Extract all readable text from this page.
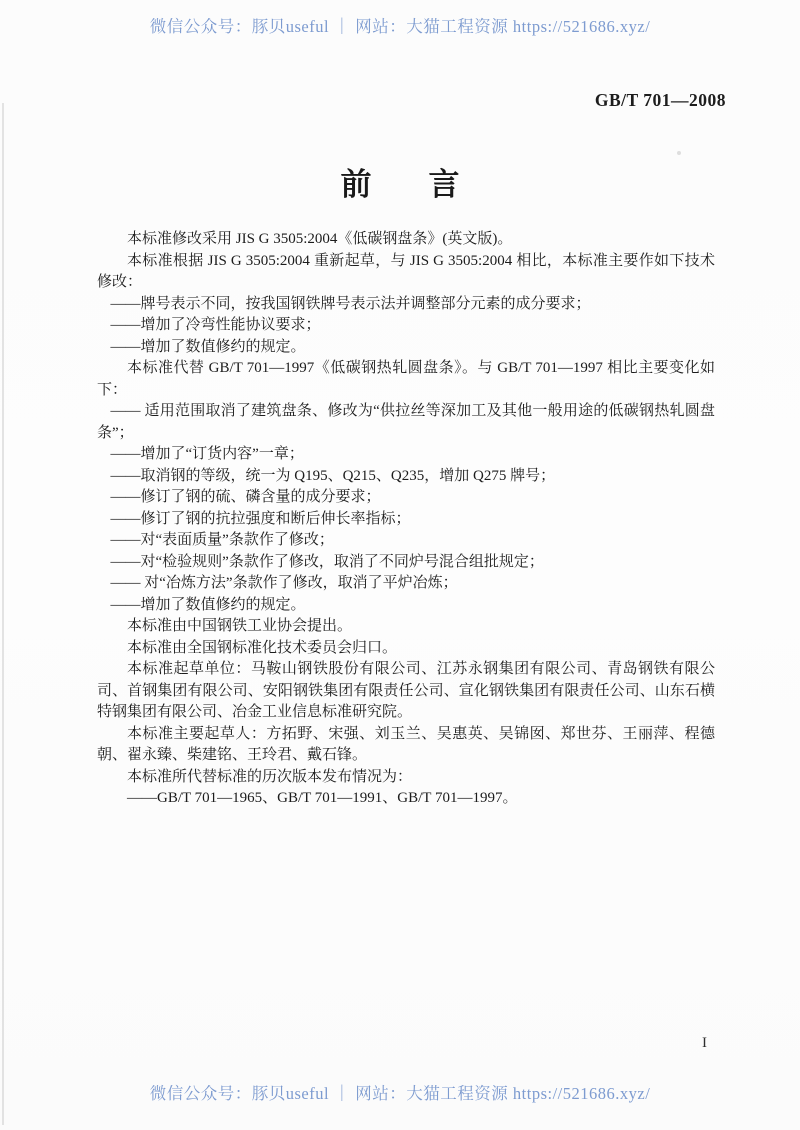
微信公众号：豚贝useful ｜ 网站：大猫工程资源 https://521686.xyz/
GB/T 701—2008
前 言

本标准修改采用 JIS G 3505:2004《低碳钢盘条》(英文版)。

本标准根据 JIS G 3505:2004 重新起草，与 JIS G 3505:2004 相比，本标准主要作如下技术修改：

——牌号表示不同，按我国钢铁牌号表示法并调整部分元素的成分要求；

——增加了冷弯性能协议要求；

——增加了数值修约的规定。

本标准代替 GB/T 701—1997《低碳钢热轧圆盘条》。与 GB/T 701—1997 相比主要变化如下：

—— 适用范围取消了建筑盘条、修改为“供拉丝等深加工及其他一般用途的低碳钢热轧圆盘条”；

——增加了“订货内容”一章；

——取消钢的等级，统一为 Q195、Q215、Q235，增加 Q275 牌号；

——修订了钢的硫、磷含量的成分要求；

——修订了钢的抗拉强度和断后伸长率指标；

——对“表面质量”条款作了修改；

——对“检验规则”条款作了修改，取消了不同炉号混合组批规定；

—— 对“冶炼方法”条款作了修改，取消了平炉冶炼；

——增加了数值修约的规定。

本标准由中国钢铁工业协会提出。

本标准由全国钢标准化技术委员会归口。

本标准起草单位：马鞍山钢铁股份有限公司、江苏永钢集团有限公司、青岛钢铁有限公司、首钢集团有限公司、安阳钢铁集团有限责任公司、宣化钢铁集团有限责任公司、山东石横特钢集团有限公司、冶金工业信息标准研究院。

本标准主要起草人：方拓野、宋强、刘玉兰、吴惠英、吴锦囡、郑世芬、王丽萍、程德朝、翟永臻、柴建铭、王玲君、戴石锋。

本标准所代替标准的历次版本发布情况为：

——GB/T 701—1965、GB/T 701—1991、GB/T 701—1997。

I
微信公众号：豚贝useful ｜ 网站：大猫工程资源 https://521686.xyz/
